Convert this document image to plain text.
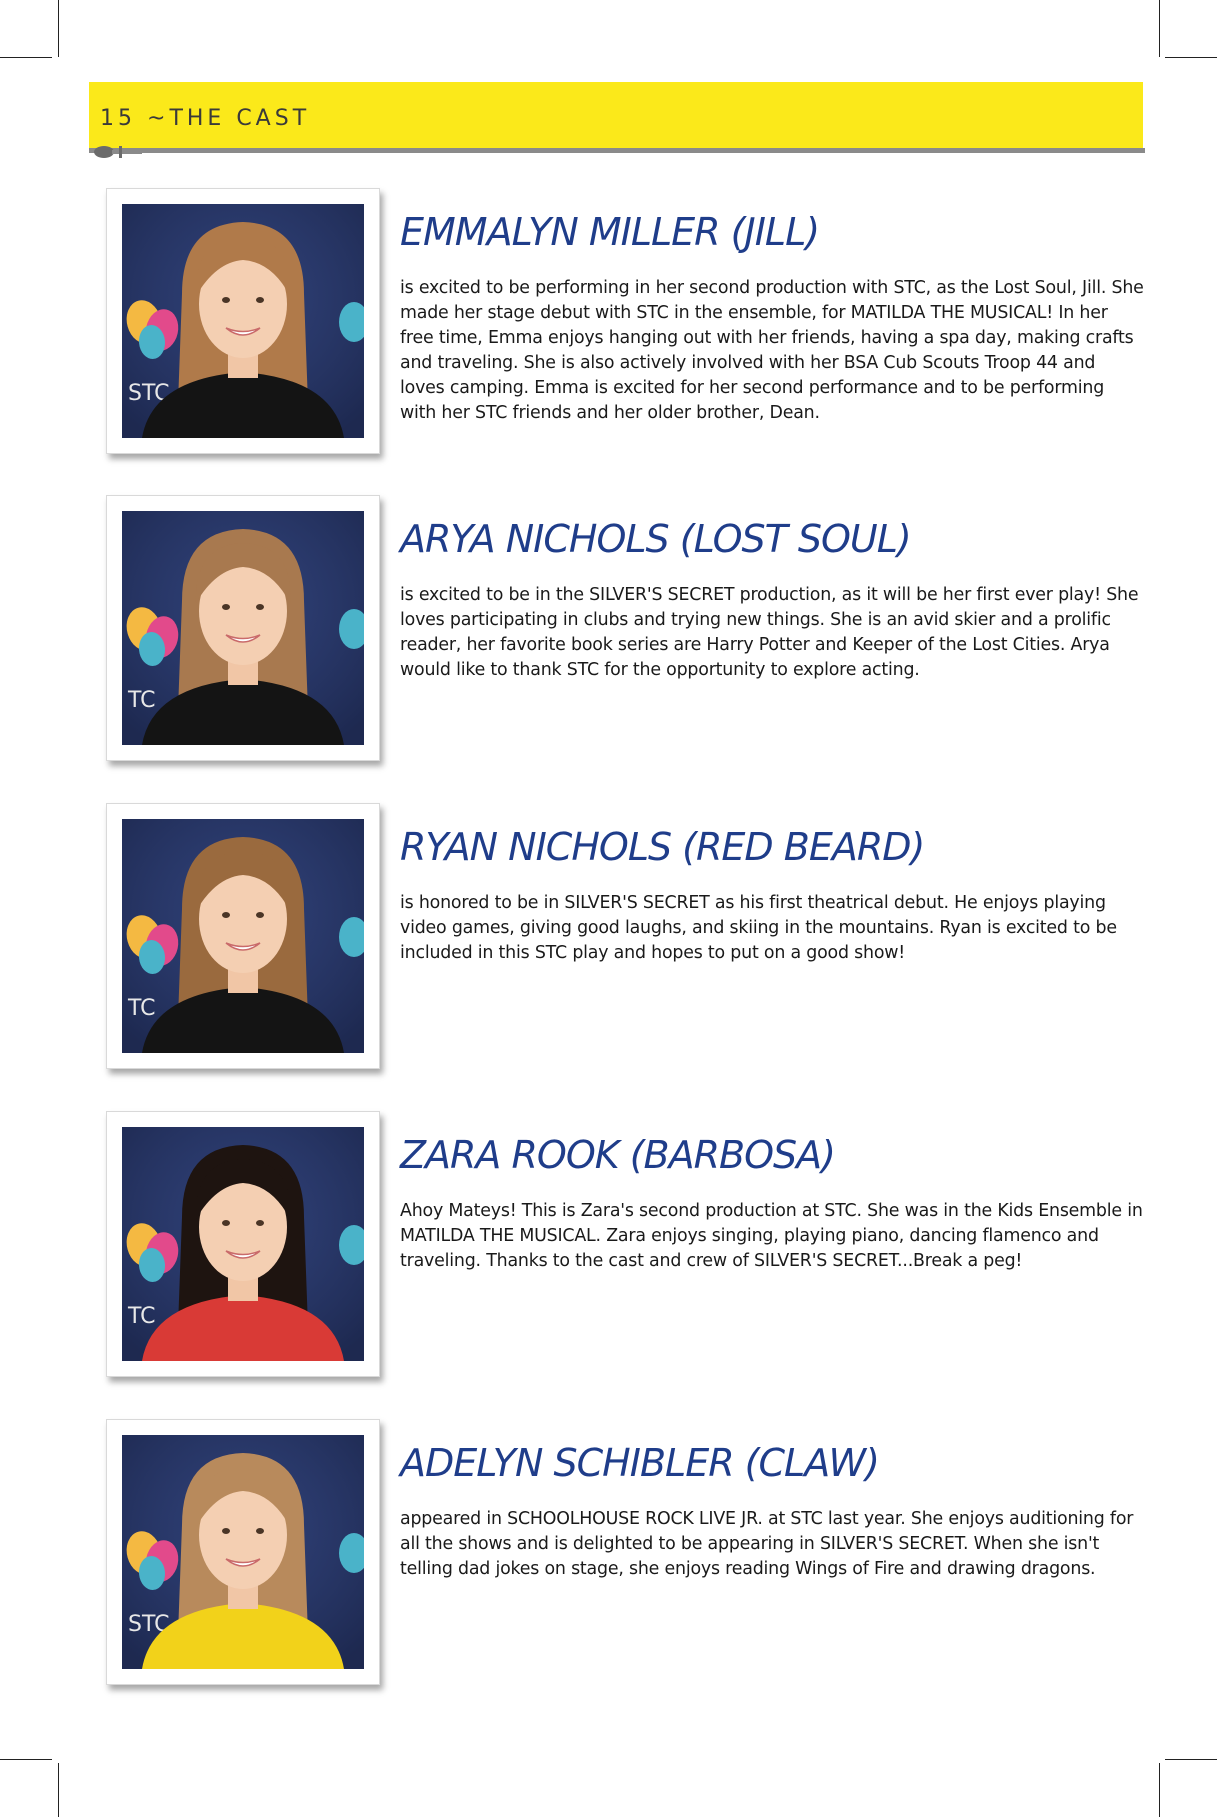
15 ~THE CAST
STC
EMMALYN MILLER (JILL)

is excited to be performing in her second production with STC, as the Lost Soul, Jill. She made her stage debut with STC in the ensemble, for MATILDA THE MUSICAL! In her free time, Emma enjoys hanging out with her friends, having a spa day, making crafts and traveling. She is also actively involved with her BSA Cub Scouts Troop 44 and loves camping. Emma is excited for her second performance and to be performing with her STC friends and her older brother, Dean.

TC
ARYA NICHOLS (LOST SOUL)

is excited to be in the SILVER'S SECRET production, as it will be her first ever play! She loves participating in clubs and trying new things. She is an avid skier and a prolific reader, her favorite book series are Harry Potter and Keeper of the Lost Cities. Arya would like to thank STC for the opportunity to explore acting.

TC
RYAN NICHOLS (RED BEARD)

is honored to be in SILVER'S SECRET as his first theatrical debut. He enjoys playing video games, giving good laughs, and skiing in the mountains. Ryan is excited to be included in this STC play and hopes to put on a good show!

TC
ZARA ROOK (BARBOSA)

Ahoy Mateys! This is Zara's second production at STC. She was in the Kids Ensemble in MATILDA THE MUSICAL. Zara enjoys singing, playing piano, dancing flamenco and traveling. Thanks to the cast and crew of SILVER'S SECRET...Break a peg!

STC
ADELYN SCHIBLER (CLAW)

appeared in SCHOOLHOUSE ROCK LIVE JR. at STC last year. She enjoys auditioning for all the shows and is delighted to be appearing in SILVER'S SECRET. When she isn't telling dad jokes on stage, she enjoys reading Wings of Fire and drawing dragons.
